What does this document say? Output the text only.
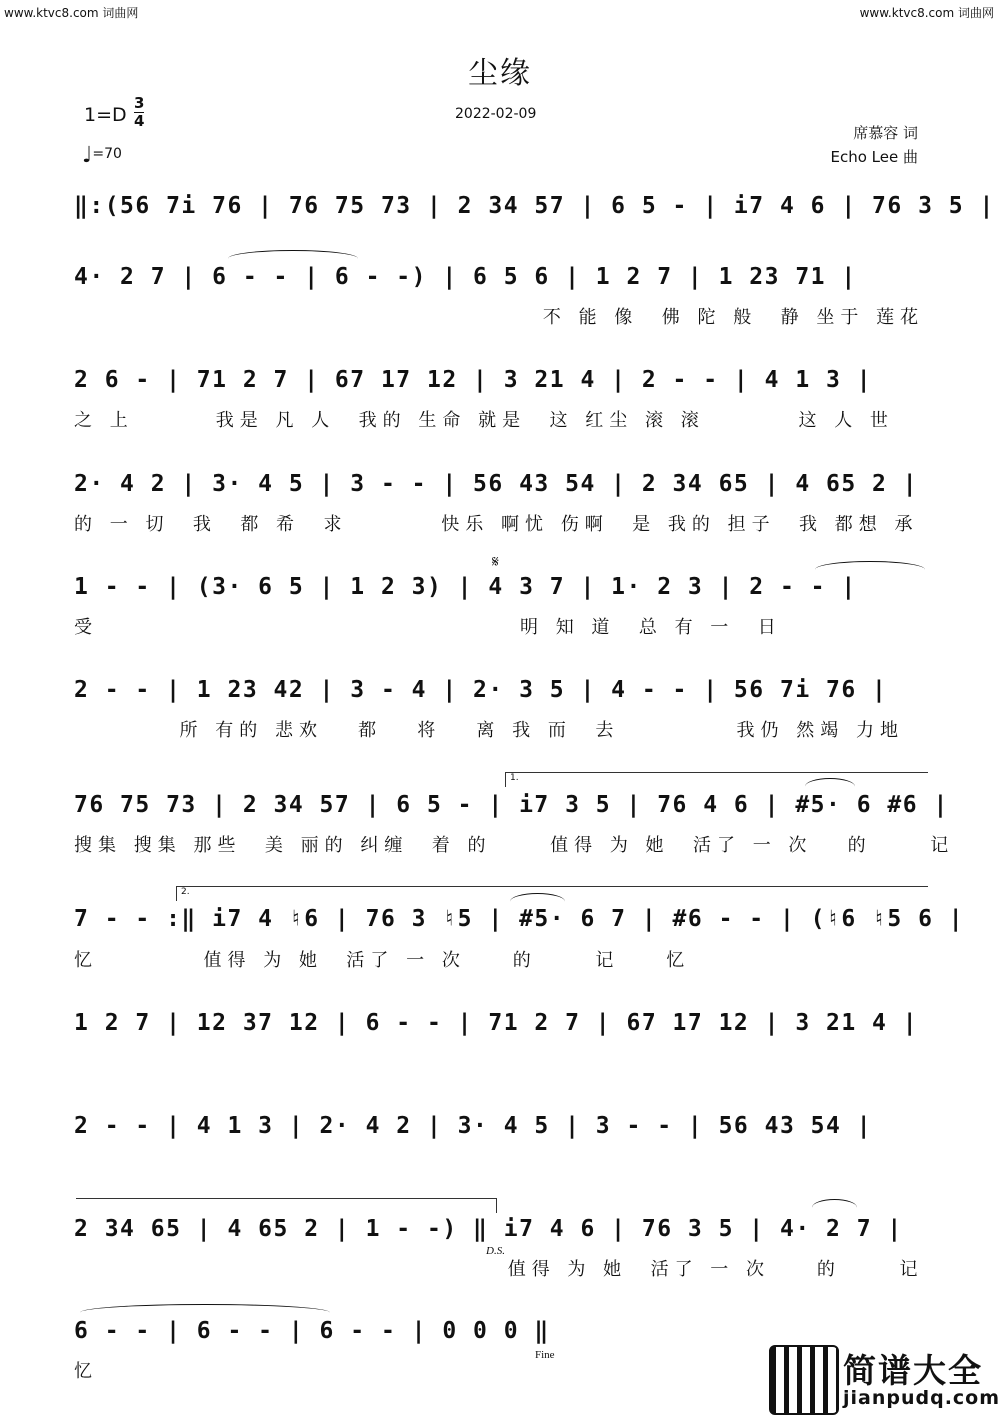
www.ktvc8.com 词曲网	www.ktvc8.com 词曲网
尘缘
2022-02-09
1=D
3
4
♩=70
席慕容 词
Echo Lee 曲
‖:(56 7i 76 | 76 75 73 | 2 34 57 | 6 5 - | i7 4 6 | 76 3 5 |
4· 2 7 | 6 - - | 6 - -) | 6 5 6 | 1 2 7 | 1 23 71 |
不 能 像  佛 陀 般  静 坐于 莲花
2 6 - | 71 2 7 | 67 17 12 | 3 21 4 | 2 - - | 4 1 3 |
之 上       我是 凡 人  我的 生命 就是  这 红尘 滚 滚        这 人 世
2· 4 2 | 3· 4 5 | 3 - - | 56 43 54 | 2 34 65 | 4 65 2 |
的 一 切  我  都 希  求        快乐 啊忧 伤啊  是 我的 担子  我 都想 承
𝄋
1 - - | (3· 6 5 | 1 2 3) | 4 3 7 | 1· 2 3 | 2 - - |
受                                    明 知 道  总 有 一  日
2 - - | 1 23 42 | 3 - 4 | 2· 3 5 | 4 - - | 56 7i 76 |
所 有的 悲欢   都   将   离 我 而  去          我仍 然竭 力地
1.
76 75 73 | 2 34 57 | 6 5 - | i7 3 5 | 76 4 6 | #5· 6 #6 |
搜集 搜集 那些  美 丽的 纠缠  着 的     值得 为 她  活了 一 次   的     记
2.
7 - - :‖ i7 4 ♮6 | 76 3 ♮5 | #5· 6 7 | #6 - - | (♮6 ♮5 6 |
忆         值得 为 她  活了 一 次    的     记    忆
1 2 7 | 12 37 12 | 6 - - | 71 2 7 | 67 17 12 | 3 21 4 |
2 - - | 4 1 3 | 2· 4 2 | 3· 4 5 | 3 - - | 56 43 54 |
2 34 65 | 4 65 2 | 1 - -) ‖ i7 4 6 | 76 3 5 | 4· 2 7 |
D.S.
值得 为 她  活了 一 次    的     记
6 - - | 6 - - | 6 - - | 0 0 0 ‖
Fine
忆	简谱大全
jianpudq.com
